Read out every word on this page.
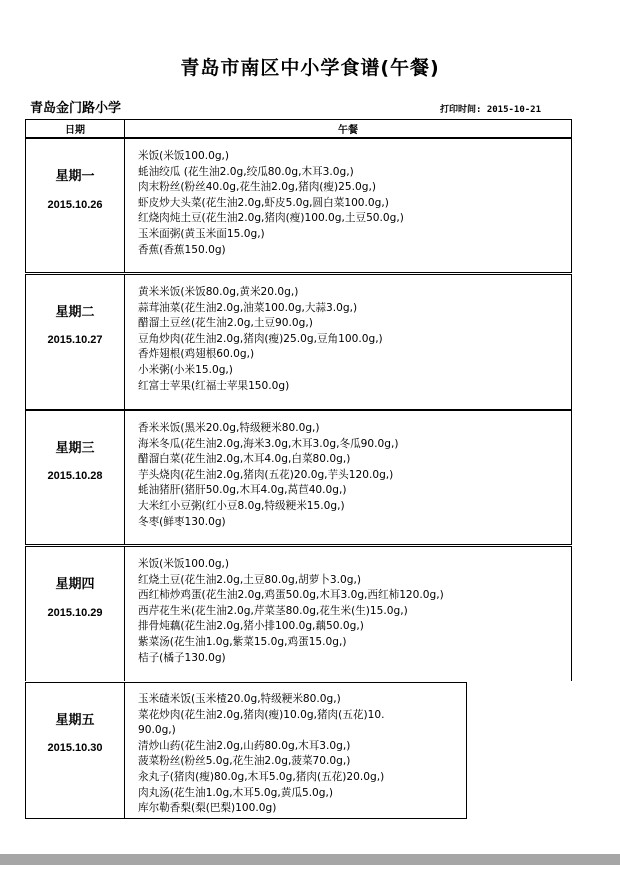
青岛市南区中小学食谱(午餐)
青岛金门路小学	打印时间: 2015-10-21
日期	午餐
星期一
2015.10.26
米饭(米饭100.0g,)
蚝油绞瓜 (花生油2.0g,绞瓜80.0g,木耳3.0g,)
肉末粉丝(粉丝40.0g,花生油2.0g,猪肉(瘦)25.0g,)
虾皮炒大头菜(花生油2.0g,虾皮5.0g,圆白菜100.0g,)
红烧肉炖土豆(花生油2.0g,猪肉(瘦)100.0g,土豆50.0g,)
玉米面粥(黄玉米面15.0g,)
香蕉(香蕉150.0g)
星期二
2015.10.27
黄米米饭(米饭80.0g,黄米20.0g,)
蒜茸油菜(花生油2.0g,油菜100.0g,大蒜3.0g,)
醋溜土豆丝(花生油2.0g,土豆90.0g,)
豆角炒肉(花生油2.0g,猪肉(瘦)25.0g,豆角100.0g,)
香炸翅根(鸡翅根60.0g,)
小米粥(小米15.0g,)
红富士苹果(红福士苹果150.0g)
星期三
2015.10.28
香米米饭(黑米20.0g,特级粳米80.0g,)
海米冬瓜(花生油2.0g,海米3.0g,木耳3.0g,冬瓜90.0g,)
醋溜白菜(花生油2.0g,木耳4.0g,白菜80.0g,)
芋头烧肉(花生油2.0g,猪肉(五花)20.0g,芋头120.0g,)
蚝油猪肝(猪肝50.0g,木耳4.0g,莴苣40.0g,)
大米红小豆粥(红小豆8.0g,特级粳米15.0g,)
冬枣(鲜枣130.0g)
星期四
2015.10.29
米饭(米饭100.0g,)
红烧土豆(花生油2.0g,土豆80.0g,胡萝卜3.0g,)
西红柿炒鸡蛋(花生油2.0g,鸡蛋50.0g,木耳3.0g,西红柿120.0g,)
西芹花生米(花生油2.0g,芹菜茎80.0g,花生米(生)15.0g,)
排骨炖藕(花生油2.0g,猪小排100.0g,藕50.0g,)
紫菜汤(花生油1.0g,紫菜15.0g,鸡蛋15.0g,)
桔子(橘子130.0g)
星期五
2015.10.30
玉米碴米饭(玉米楂20.0g,特级粳米80.0g,)
菜花炒肉(花生油2.0g,猪肉(瘦)10.0g,猪肉(五花)10.
90.0g,)
清炒山药(花生油2.0g,山药80.0g,木耳3.0g,)
菠菜粉丝(粉丝5.0g,花生油2.0g,菠菜70.0g,)
汆丸子(猪肉(瘦)80.0g,木耳5.0g,猪肉(五花)20.0g,)
肉丸汤(花生油1.0g,木耳5.0g,黄瓜5.0g,)
库尔勒香梨(梨(巴梨)100.0g)
